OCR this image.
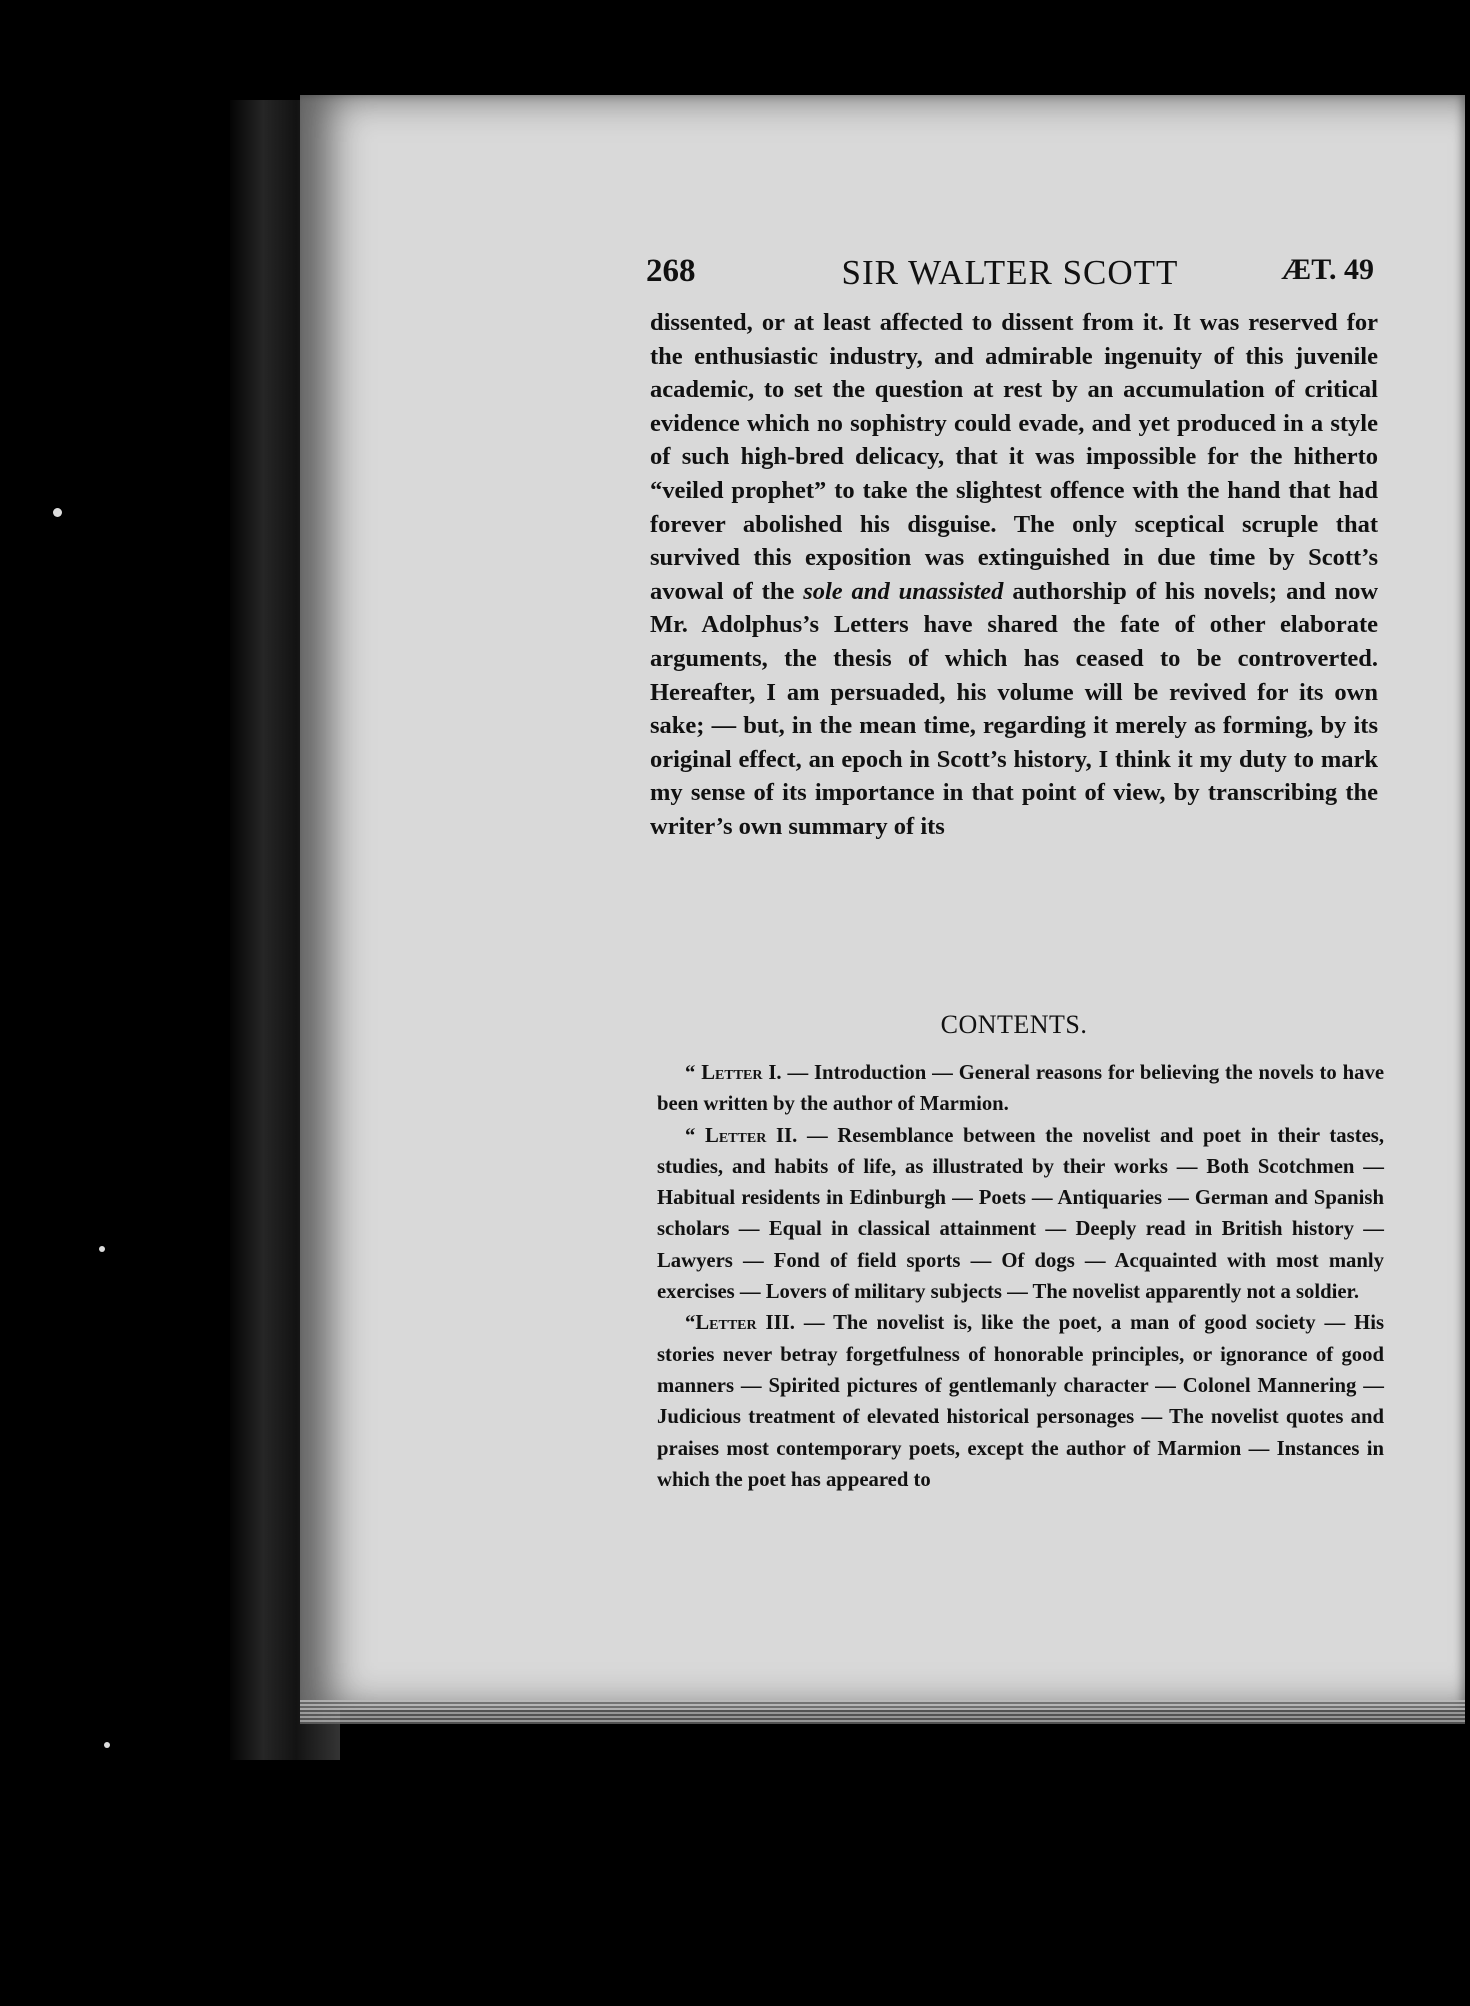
268	SIR WALTER SCOTT	ÆT. 49

dissented, or at least affected to dissent from it. It was reserved for the enthusiastic industry, and admirable ingenuity of this juvenile academic, to set the question at rest by an accumulation of critical evidence which no sophistry could evade, and yet produced in a style of such high-bred delicacy, that it was impossible for the hitherto “veiled prophet” to take the slightest offence with the hand that had forever abolished his disguise. The only sceptical scruple that survived this exposition was extinguished in due time by Scott’s avowal of the sole and unassisted authorship of his novels; and now Mr. Adolphus’s Letters have shared the fate of other elaborate arguments, the thesis of which has ceased to be controverted. Hereafter, I am persuaded, his volume will be revived for its own sake; — but, in the mean time, regarding it merely as forming, by its original effect, an epoch in Scott’s history, I think it my duty to mark my sense of its importance in that point of view, by transcribing the writer’s own summary of its

CONTENTS.

“ Letter I. — Introduction — General reasons for believing the novels to have been written by the author of Marmion.

“ Letter II. — Resemblance between the novelist and poet in their tastes, studies, and habits of life, as illustrated by their works — Both Scotchmen — Habitual residents in Edinburgh — Poets — Antiquaries — German and Spanish scholars — Equal in classical attainment — Deeply read in British history — Lawyers — Fond of field sports — Of dogs — Acquainted with most manly exercises — Lovers of military subjects — The novelist apparently not a soldier.

“Letter III. — The novelist is, like the poet, a man of good society — His stories never betray forgetfulness of honorable principles, or ignorance of good manners — Spirited pictures of gentlemanly character — Colonel Mannering — Judicious treatment of elevated historical personages — The novelist quotes and praises most contemporary poets, except the author of Marmion — Instances in which the poet has appeared to
